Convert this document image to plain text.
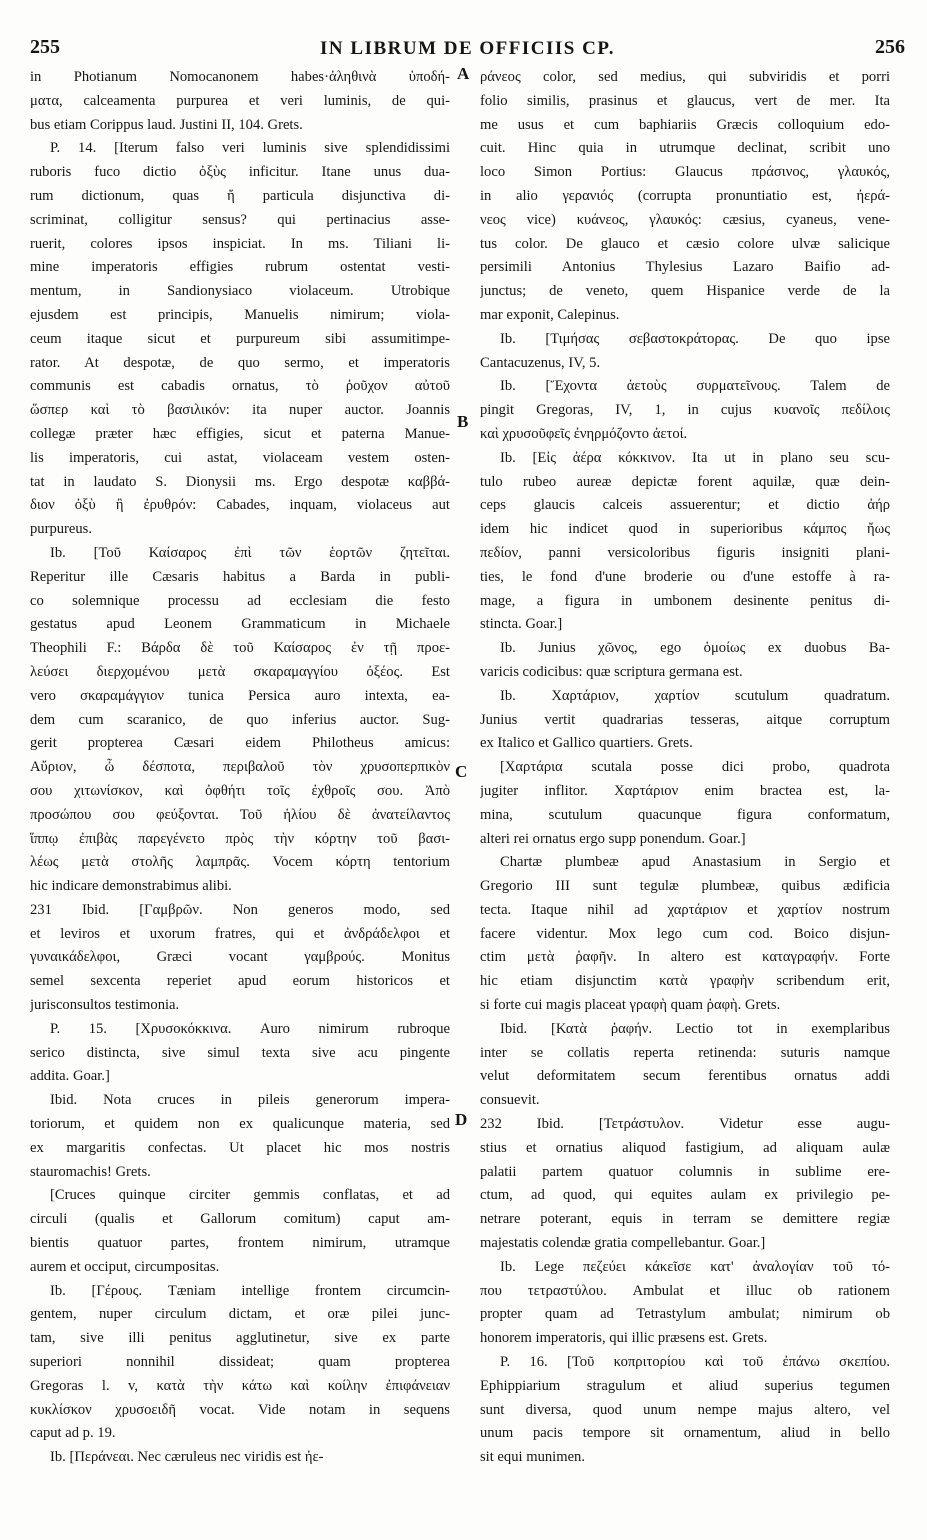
255	IN LIBRUM DE OFFICIIS CP.	256
in Photianum Nomocanonem habes·ἀληθινὰ ὑποδή-
ματα, calceamenta purpurea et veri luminis, de qui-
bus etiam Corippus laud. Justini II, 104. Grets.
P. 14. [Iterum falso veri luminis sive splendidissimi
ruboris fuco dictio ὀξὺς inficitur. Itane unus dua-
rum dictionum, quas ἤ particula disjunctiva di-
scriminat, colligitur sensus? qui pertinacius asse-
ruerit, colores ipsos inspiciat. In ms. Tiliani li-
mine imperatoris effigies rubrum ostentat vesti-
mentum, in Sandionysiaco violaceum. Utrobique
ejusdem est principis, Manuelis nimirum; viola-
ceum itaque sicut et purpureum sibi assumitimpe-
rator. At despotæ, de quo sermo, et imperatoris
communis est cabadis ornatus, τὸ ῥοῦχον αὐτοῦ
ὥσπερ καὶ τὸ βασιλικόν: ita nuper auctor. Joannis
collegæ præter hæc effigies, sicut et paterna Manue-
lis imperatoris, cui astat, violaceam vestem osten-
tat in laudato S. Dionysii ms. Ergo despotæ καββά-
διον ὀξὺ ἢ ἐρυθρόν: Cabades, inquam, violaceus aut
purpureus.
Ib. [Τοῦ Καίσαρος ἐπὶ τῶν ἑορτῶν ζητεῖται.
Reperitur ille Cæsaris habitus a Barda in publi-
co solemnique processu ad ecclesiam die festo
gestatus apud Leonem Grammaticum in Michaele
Theophili F.: Βάρδα δὲ τοῦ Καίσαρος ἐν τῇ προε-
λεύσει διερχομένου μετὰ σκαραμαγγίου ὀξέος. Est
vero σκαραμάγγιον tunica Persica auro intexta, ea-
dem cum scaranico, de quo inferius auctor. Sug-
gerit propterea Cæsari eidem Philotheus amicus:
Αὔριον, ὦ δέσποτα, περιβαλοῦ τὸν χρυσοπερπικὸν
σου χιτωνίσκον, καὶ ὀφθήτι τοῖς ἐχθροῖς σου. Ἀπὸ
προσώπου σου φεύξονται. Τοῦ ἡλίου δὲ ἀνατείλαντος
ἵππῳ ἐπιβὰς παρεγένετο πρὸς τὴν κόρτην τοῦ βασι-
λέως μετὰ στολῆς λαμπρᾶς. Vocem κόρτη tentorium
hic indicare demonstrabimus alibi.
231 Ibid. [Γαμβρῶν. Non generos modo, sed
et leviros et uxorum fratres, qui et ἀνδράδελφοι et
γυναικάδελφοι, Græci vocant γαμβρούς. Monitus
semel sexcenta reperiet apud eorum historicos et
jurisconsultos testimonia.
P. 15. [Χρυσοκόκκινα. Auro nimirum rubroque
serico distincta, sive simul texta sive acu pingente
addita. Goar.]
Ibid. Nota cruces in pileis generorum impera-
toriorum, et quidem non ex qualicunque materia, sed
ex margaritis confectas. Ut placet hic mos nostris
stauromachis! Grets.
[Cruces quinque circiter gemmis conflatas, et ad
circuli (qualis et Gallorum comitum) caput am-
bientis quatuor partes, frontem nimirum, utramque
aurem et occiput, circumpositas.
Ib. [Γέρους. Tæniam intellige frontem circumcin-
gentem, nuper circulum dictam, et oræ pilei junc-
tam, sive illi penitus agglutinetur, sive ex parte
superiori nonnihil dissideat; quam propterea
Gregoras l. v, κατὰ τὴν κάτω καὶ κοίλην ἐπιφάνειαν
κυκλίσκον χρυσοειδῆ vocat. Vide notam in sequens
caput ad p. 19.
Ib. [Περάνεαι. Nec cæruleus nec viridis est ἠε-
ράνεος color, sed medius, qui subviridis et porri
folio similis, prasinus et glaucus, vert de mer. Ita
me usus et cum baphiariis Græcis colloquium edo-
cuit. Hinc quia in utrumque declinat, scribit uno
loco Simon Portius: Glaucus πράσινος, γλαυκός,
in alio γερανιός (corrupta pronuntiatio est, ἠερά-
νεος vice) κυάνεος, γλαυκός: cæsius, cyaneus, vene-
tus color. De glauco et cæsio colore ulvæ salicique
persimili Antonius Thylesius Lazaro Baifio ad-
junctus; de veneto, quem Hispanice verde de la
mar exponit, Calepinus.
Ib. [Τιμήσας σεβαστοκράτορας. De quo ipse
Cantacuzenus, IV, 5.
Ib. [Ἔχοντα ἀετοὺς συρματεῖνους. Talem de
pingit Gregoras, IV, 1, in cujus κυανοῖς πεδίλοις
καὶ χρυσοῦφεῖς ἐνηρμόζοντο ἀετοί.
Ib. [Εἰς ἀέρα κόκκινον. Ita ut in plano seu scu-
tulo rubeo aureæ depictæ forent aquilæ, quæ dein-
ceps glaucis calceis assuerentur; et dictio ἀήρ
idem hic indicet quod in superioribus κάμπος ἤως
πεδίον, panni versicoloribus figuris insigniti plani-
ties, le fond d'une broderie ou d'une estoffe à ra-
mage, a figura in umbonem desinente penitus di-
stincta. Goar.]
Ib. Junius χῶνος, ego ὁμοίως ex duobus Ba-
varicis codicibus: quæ scriptura germana est.
Ib. Χαρτάριον, χαρτίον scutulum quadratum.
Junius vertit quadrarias tesseras, aitque corruptum
ex Italico et Gallico quartiers. Grets.
[Χαρτάρια scutala posse dici probo, quadrota
jugiter inflitor. Χαρτάριον enim bractea est, la-
mina, scutulum quacunque figura conformatum,
alteri rei ornatus ergo supp ponendum. Goar.]
Chartæ plumbeæ apud Anastasium in Sergio et
Gregorio III sunt tegulæ plumbeæ, quibus ædificia
tecta. Itaque nihil ad χαρτάριον et χαρτίον nostrum
facere videntur. Mox lego cum cod. Boico disjun-
ctim μετὰ ῥαφῆν. In altero est καταγραφήν. Forte
hic etiam disjunctim κατὰ γραφὴν scribendum erit,
si forte cui magis placeat γραφὴ quam ῥαφὴ. Grets.
Ibid. [Κατὰ ῥαφήν. Lectio tot in exemplaribus
inter se collatis reperta retinenda: suturis namque
velut deformitatem secum ferentibus ornatus addi
consuevit.
232 Ibid. [Τετράστυλον. Videtur esse augu-
stius et ornatius aliquod fastigium, ad aliquam aulæ
palatii partem quatuor columnis in sublime ere-
ctum, ad quod, qui equites aulam ex privilegio pe-
netrare poterant, equis in terram se demittere regiæ
majestatis colendæ gratia compellebantur. Goar.]
Ib. Lege πεζεύει κάκεῖσε κατ' ἀναλογίαν τοῦ τό-
που τετραστύλου. Ambulat et illuc ob rationem
propter quam ad Tetrastylum ambulat; nimirum ob
honorem imperatoris, qui illic præsens est. Grets.
P. 16. [Τοῦ κοπριτορίου καὶ τοῦ ἐπάνω σκεπίου.
Ephippiarium stragulum et aliud superius tegumen
sunt diversa, quod unum nempe majus altero, vel
unum pacis tempore sit ornamentum, aliud in bello
sit equi munimen.
A
B
C
D
